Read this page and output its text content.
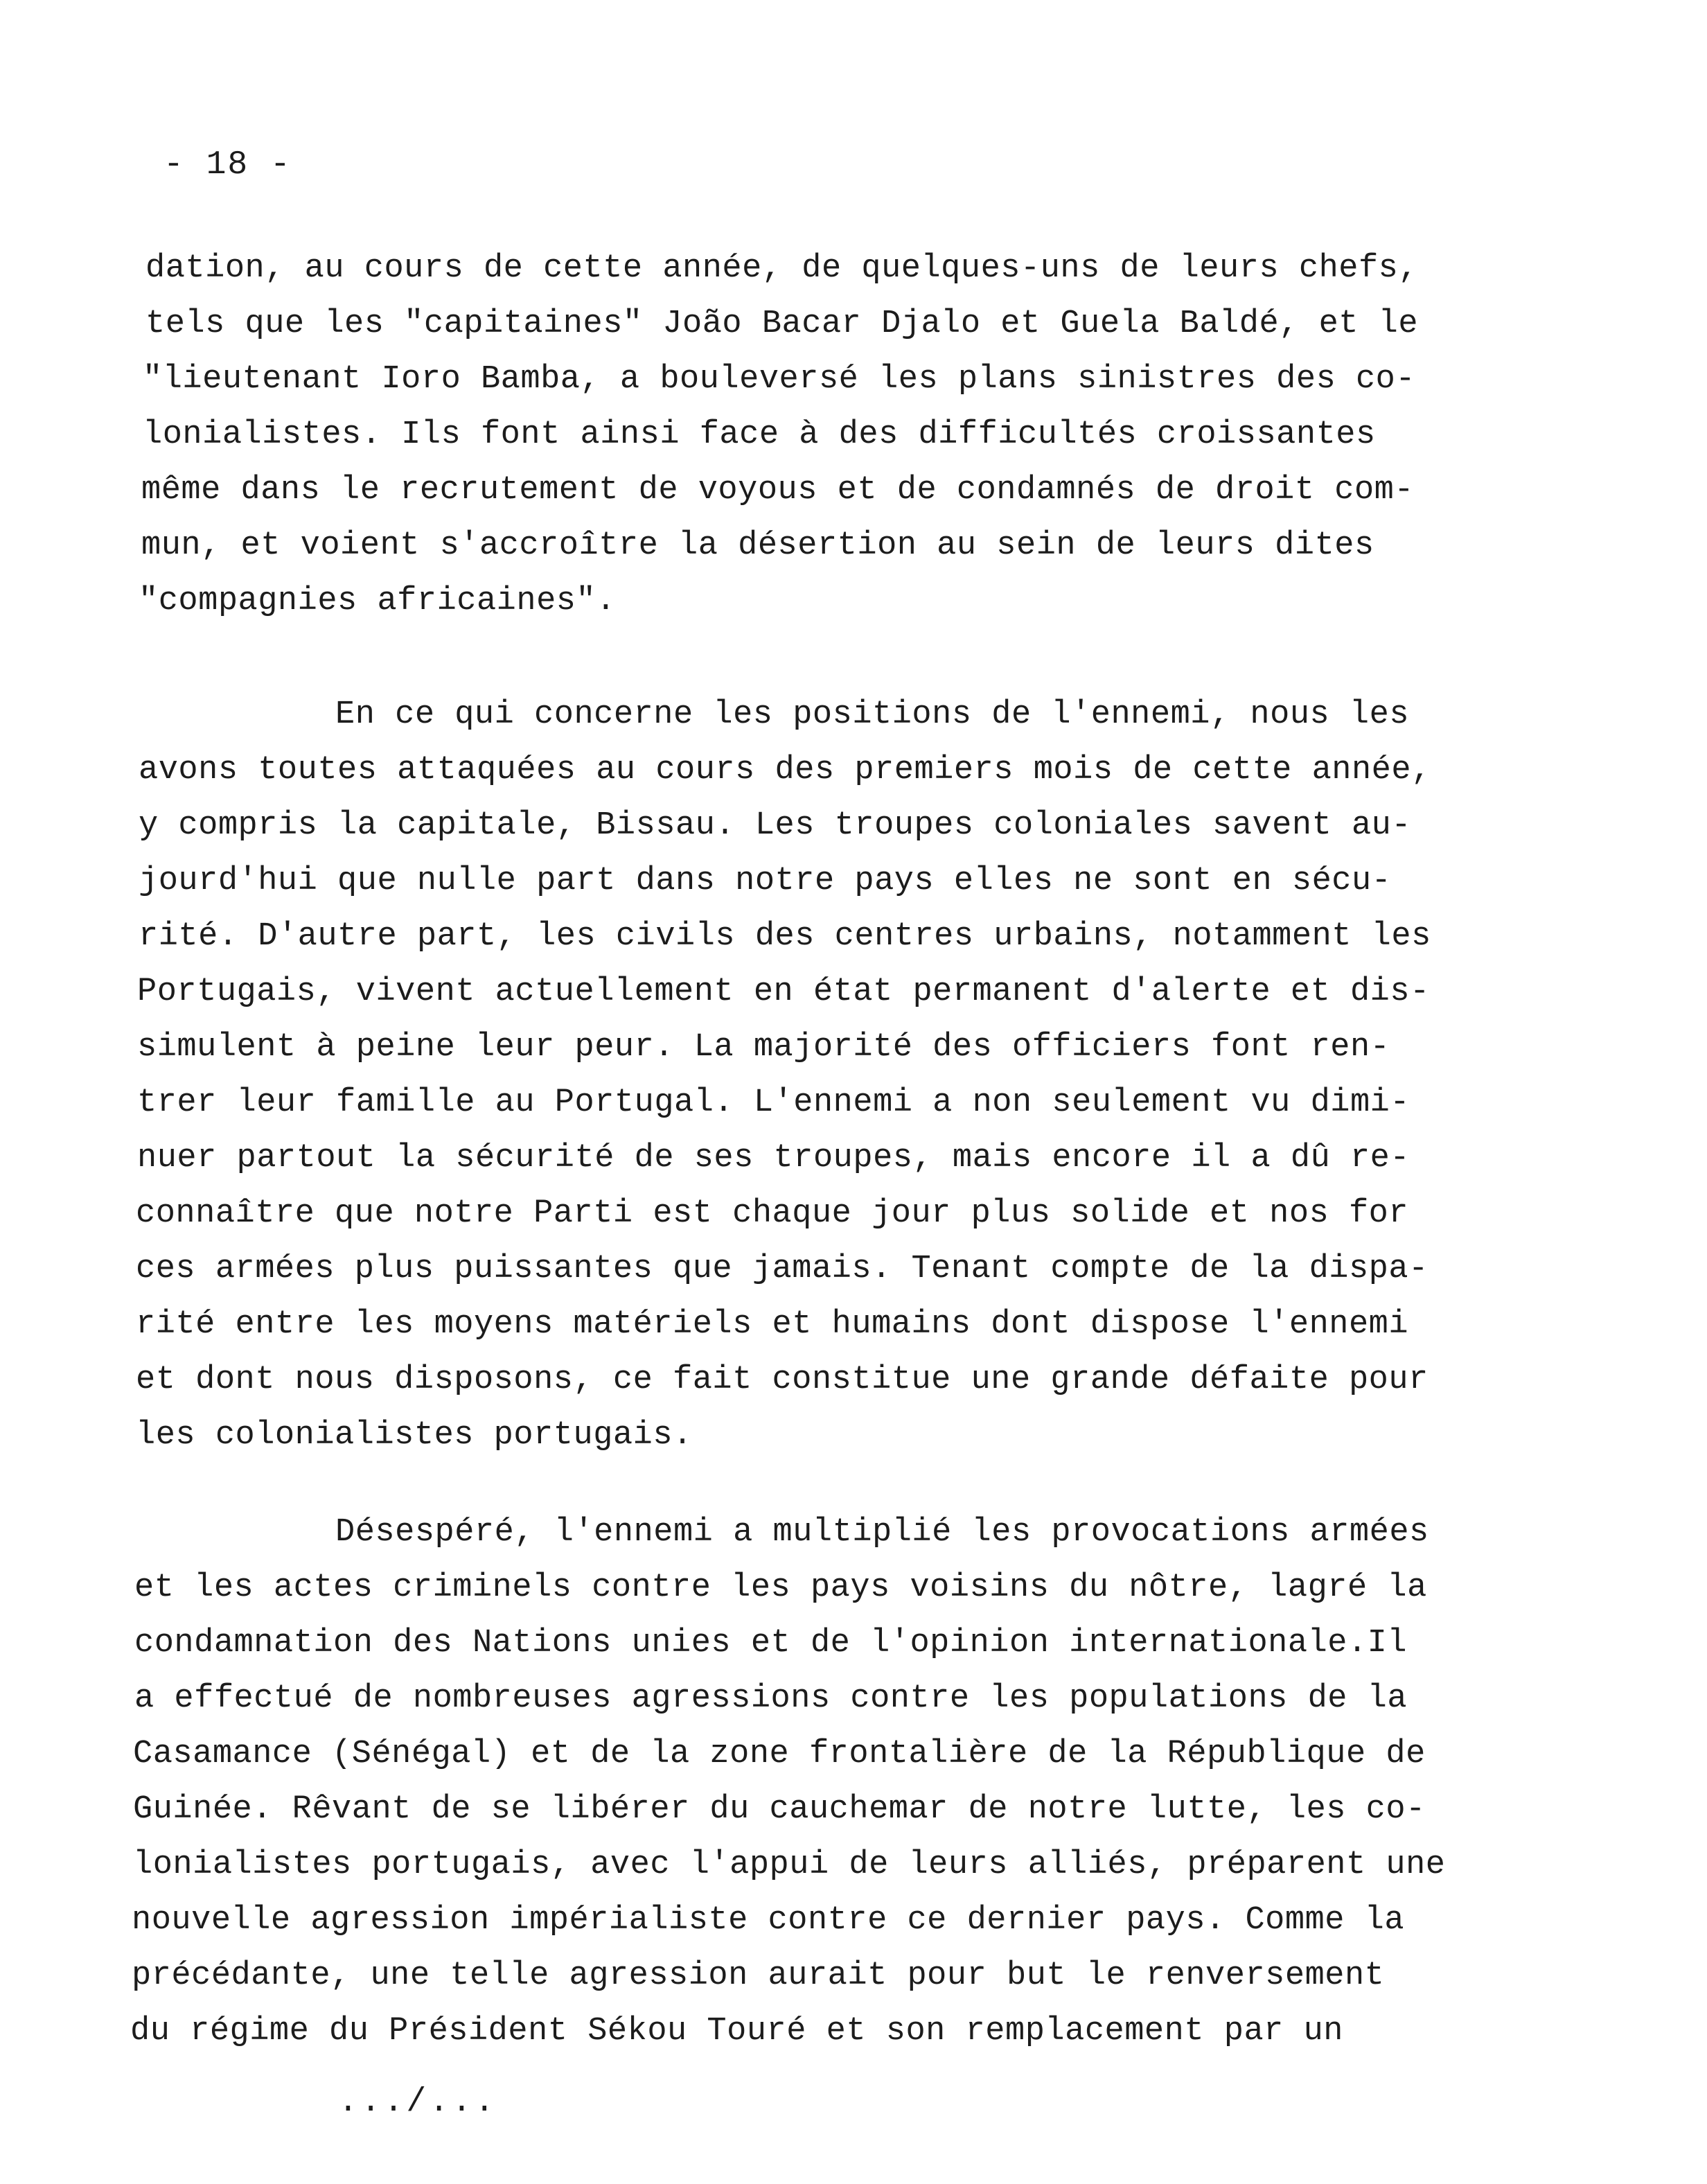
- 18 -
dation, au cours de cette année, de quelques-uns de leurs chefs,
tels que les "capitaines" João Bacar Djalo et Guela Baldé, et le
"lieutenant Ioro Bamba, a bouleversé les plans sinistres des co-
lonialistes. Ils font ainsi face à des difficultés croissantes
même dans le recrutement de voyous et de condamnés de droit com-
mun, et voient s'accroître la désertion au sein de leurs dites
"compagnies africaines".
En ce qui concerne les positions de l'ennemi, nous les
avons toutes attaquées au cours des premiers mois de cette année,
y compris la capitale, Bissau. Les troupes coloniales savent au-
jourd'hui que nulle part dans notre pays elles ne sont en sécu-
rité. D'autre part, les civils des centres urbains, notamment les
Portugais, vivent actuellement en état permanent d'alerte et dis-
simulent à peine leur peur. La majorité des officiers font ren-
trer leur famille au Portugal. L'ennemi a non seulement vu dimi-
nuer partout la sécurité de ses troupes, mais encore il a dû re-
connaître que notre Parti est chaque jour plus solide et nos for
ces armées plus puissantes que jamais. Tenant compte de la dispa-
rité entre les moyens matériels et humains dont dispose l'ennemi
et dont nous disposons, ce fait constitue une grande défaite pour
les colonialistes portugais.
Désespéré, l'ennemi a multiplié les provocations armées
et les actes criminels contre les pays voisins du nôtre, lagré la
condamnation des Nations unies et de l'opinion internationale.Il
a effectué de nombreuses agressions contre les populations de la
Casamance (Sénégal) et de la zone frontalière de la République de
Guinée. Rêvant de se libérer du cauchemar de notre lutte, les co-
lonialistes portugais, avec l'appui de leurs alliés, préparent une
nouvelle agression impérialiste contre ce dernier pays. Comme la
précédante, une telle agression aurait pour but le renversement
du régime du Président Sékou Touré et son remplacement par un
.../...
